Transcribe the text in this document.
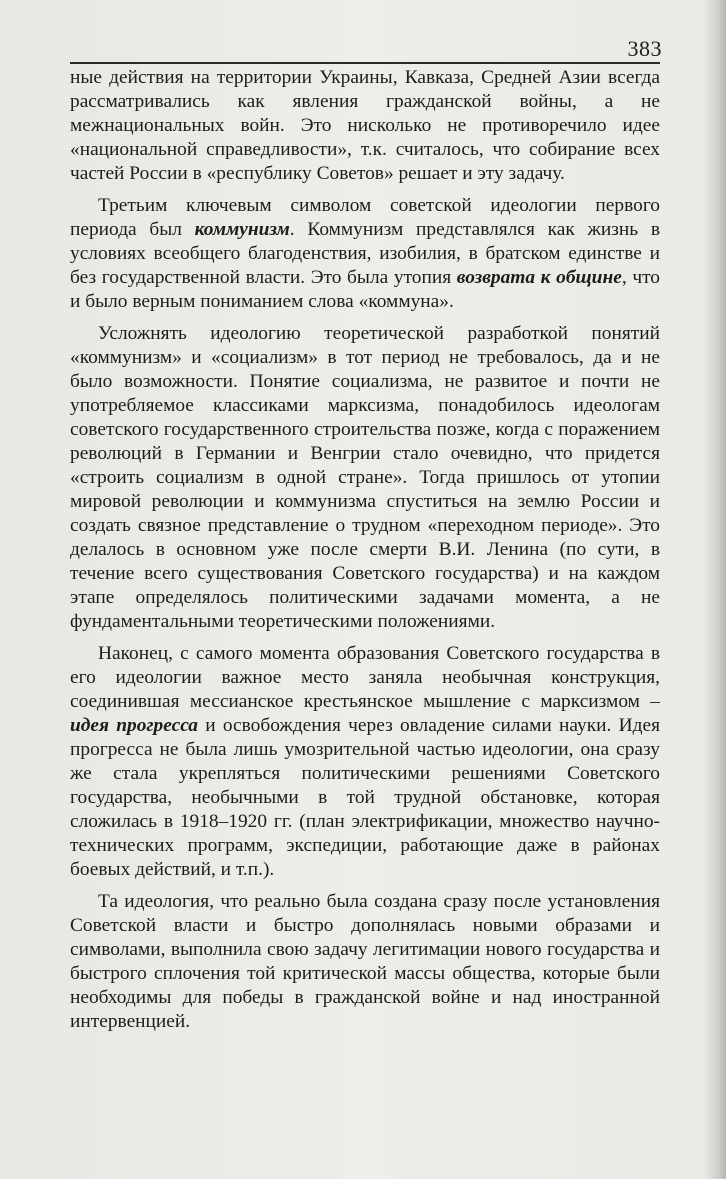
383

ные действия на территории Украины, Кавказа, Средней Азии всегда рассматривались как явления гражданской войны, а не межнациональных войн. Это нисколько не противоречило идее «национальной справедливости», т.к. считалось, что собирание всех частей России в «республику Советов» решает и эту задачу.

Третьим ключевым символом советской идеологии первого периода был коммунизм. Коммунизм представлялся как жизнь в условиях всеобщего благоденствия, изобилия, в братском единстве и без государственной власти. Это была утопия возврата к общине, что и было верным пониманием слова «коммуна».

Усложнять идеологию теоретической разработкой понятий «коммунизм» и «социализм» в тот период не требовалось, да и не было возможности. Понятие социализма, не развитое и почти не употребляемое классиками марксизма, понадобилось идеологам советского государственного строительства позже, когда с поражением революций в Германии и Венгрии стало очевидно, что придется «строить социализм в одной стране». Тогда пришлось от утопии мировой революции и коммунизма спуститься на землю России и создать связное представление о трудном «переходном периоде». Это делалось в основном уже после смерти В.И. Ленина (по сути, в течение всего существования Советского государства) и на каждом этапе определялось политическими задачами момента, а не фундаментальными теоретическими положениями.

Наконец, с самого момента образования Советского государства в его идеологии важное место заняла необычная конструкция, соединившая мессианское крестьянское мышление с марксизмом – идея прогресса и освобождения через овладение силами науки. Идея прогресса не была лишь умозрительной частью идеологии, она сразу же стала укрепляться политическими решениями Советского государства, необычными в той трудной обстановке, которая сложилась в 1918–1920 гг. (план электрификации, множество научно-технических программ, экспедиции, работающие даже в районах боевых действий, и т.п.).

Та идеология, что реально была создана сразу после установления Советской власти и быстро дополнялась новыми образами и символами, выполнила свою задачу легитимации нового государства и быстрого сплочения той критической массы общества, которые были необходимы для победы в гражданской войне и над иностранной интервенцией.
